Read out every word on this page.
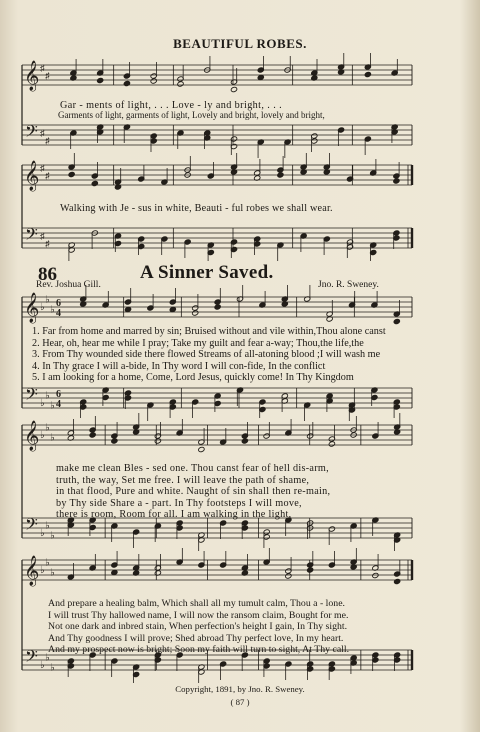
𝄞
𝄢
♯
♯
♯
♯
𝄞
𝄢
♯
♯
♯
♯
𝄞
𝄢
♭
♭
♭
♭
♭
♭
6
4
6
4
𝄞
𝄢
♭
♭
♭
♭
♭
♭
𝄞
𝄢
♭
♭
♭
♭
♭
♭
BEAUTIFUL ROBES.
Gar - ments of light, . . . Love - ly and bright, . . .
Garments of light, garments of light, Lovely and bright, lovely and bright,
Walking with Je - sus in white, Beauti - ful robes we shall wear.
86	A Sinner Saved.
Rev. Joshua Gill.	Jno. R. Sweney.
1. Far from home and marred by sin; Bruised without and vile within,Thou alone canst
2. Hear, oh, hear me while I pray; Take my guilt and fear a-way; Thou,the life,the
3. From Thy wounded side there flowed Streams of all-atoning blood ;I will wash me
4. In Thy grace I will a-bide, In Thy word I will con-fide, In the conflict
5. I am looking for a home, Come, Lord Jesus, quickly come! In Thy Kingdom
make me clean Bles - sed one. Thou canst fear of hell dis-arm,
truth, the way, Set me free. I will leave the path of shame,
in that flood, Pure and white. Naught of sin shall then re-main,
by Thy side Share a - part. In Thy footsteps I will move,
there is room, Room for all. I am walking in the light,
And prepare a healing balm, Which shall all my tumult calm, Thou a - lone.
I will trust Thy hallowed name, I will now the ransom claim, Bought for me.
Not one dark and inbred stain, When perfection's height I gain, In Thy sight.
And Thy goodness I will prove; Shed abroad Thy perfect love, In my heart.
And my prospect now is bright; Soon my faith will turn to sight, At Thy call.
Copyright, 1891, by Jno. R. Sweney.
( 87 )
